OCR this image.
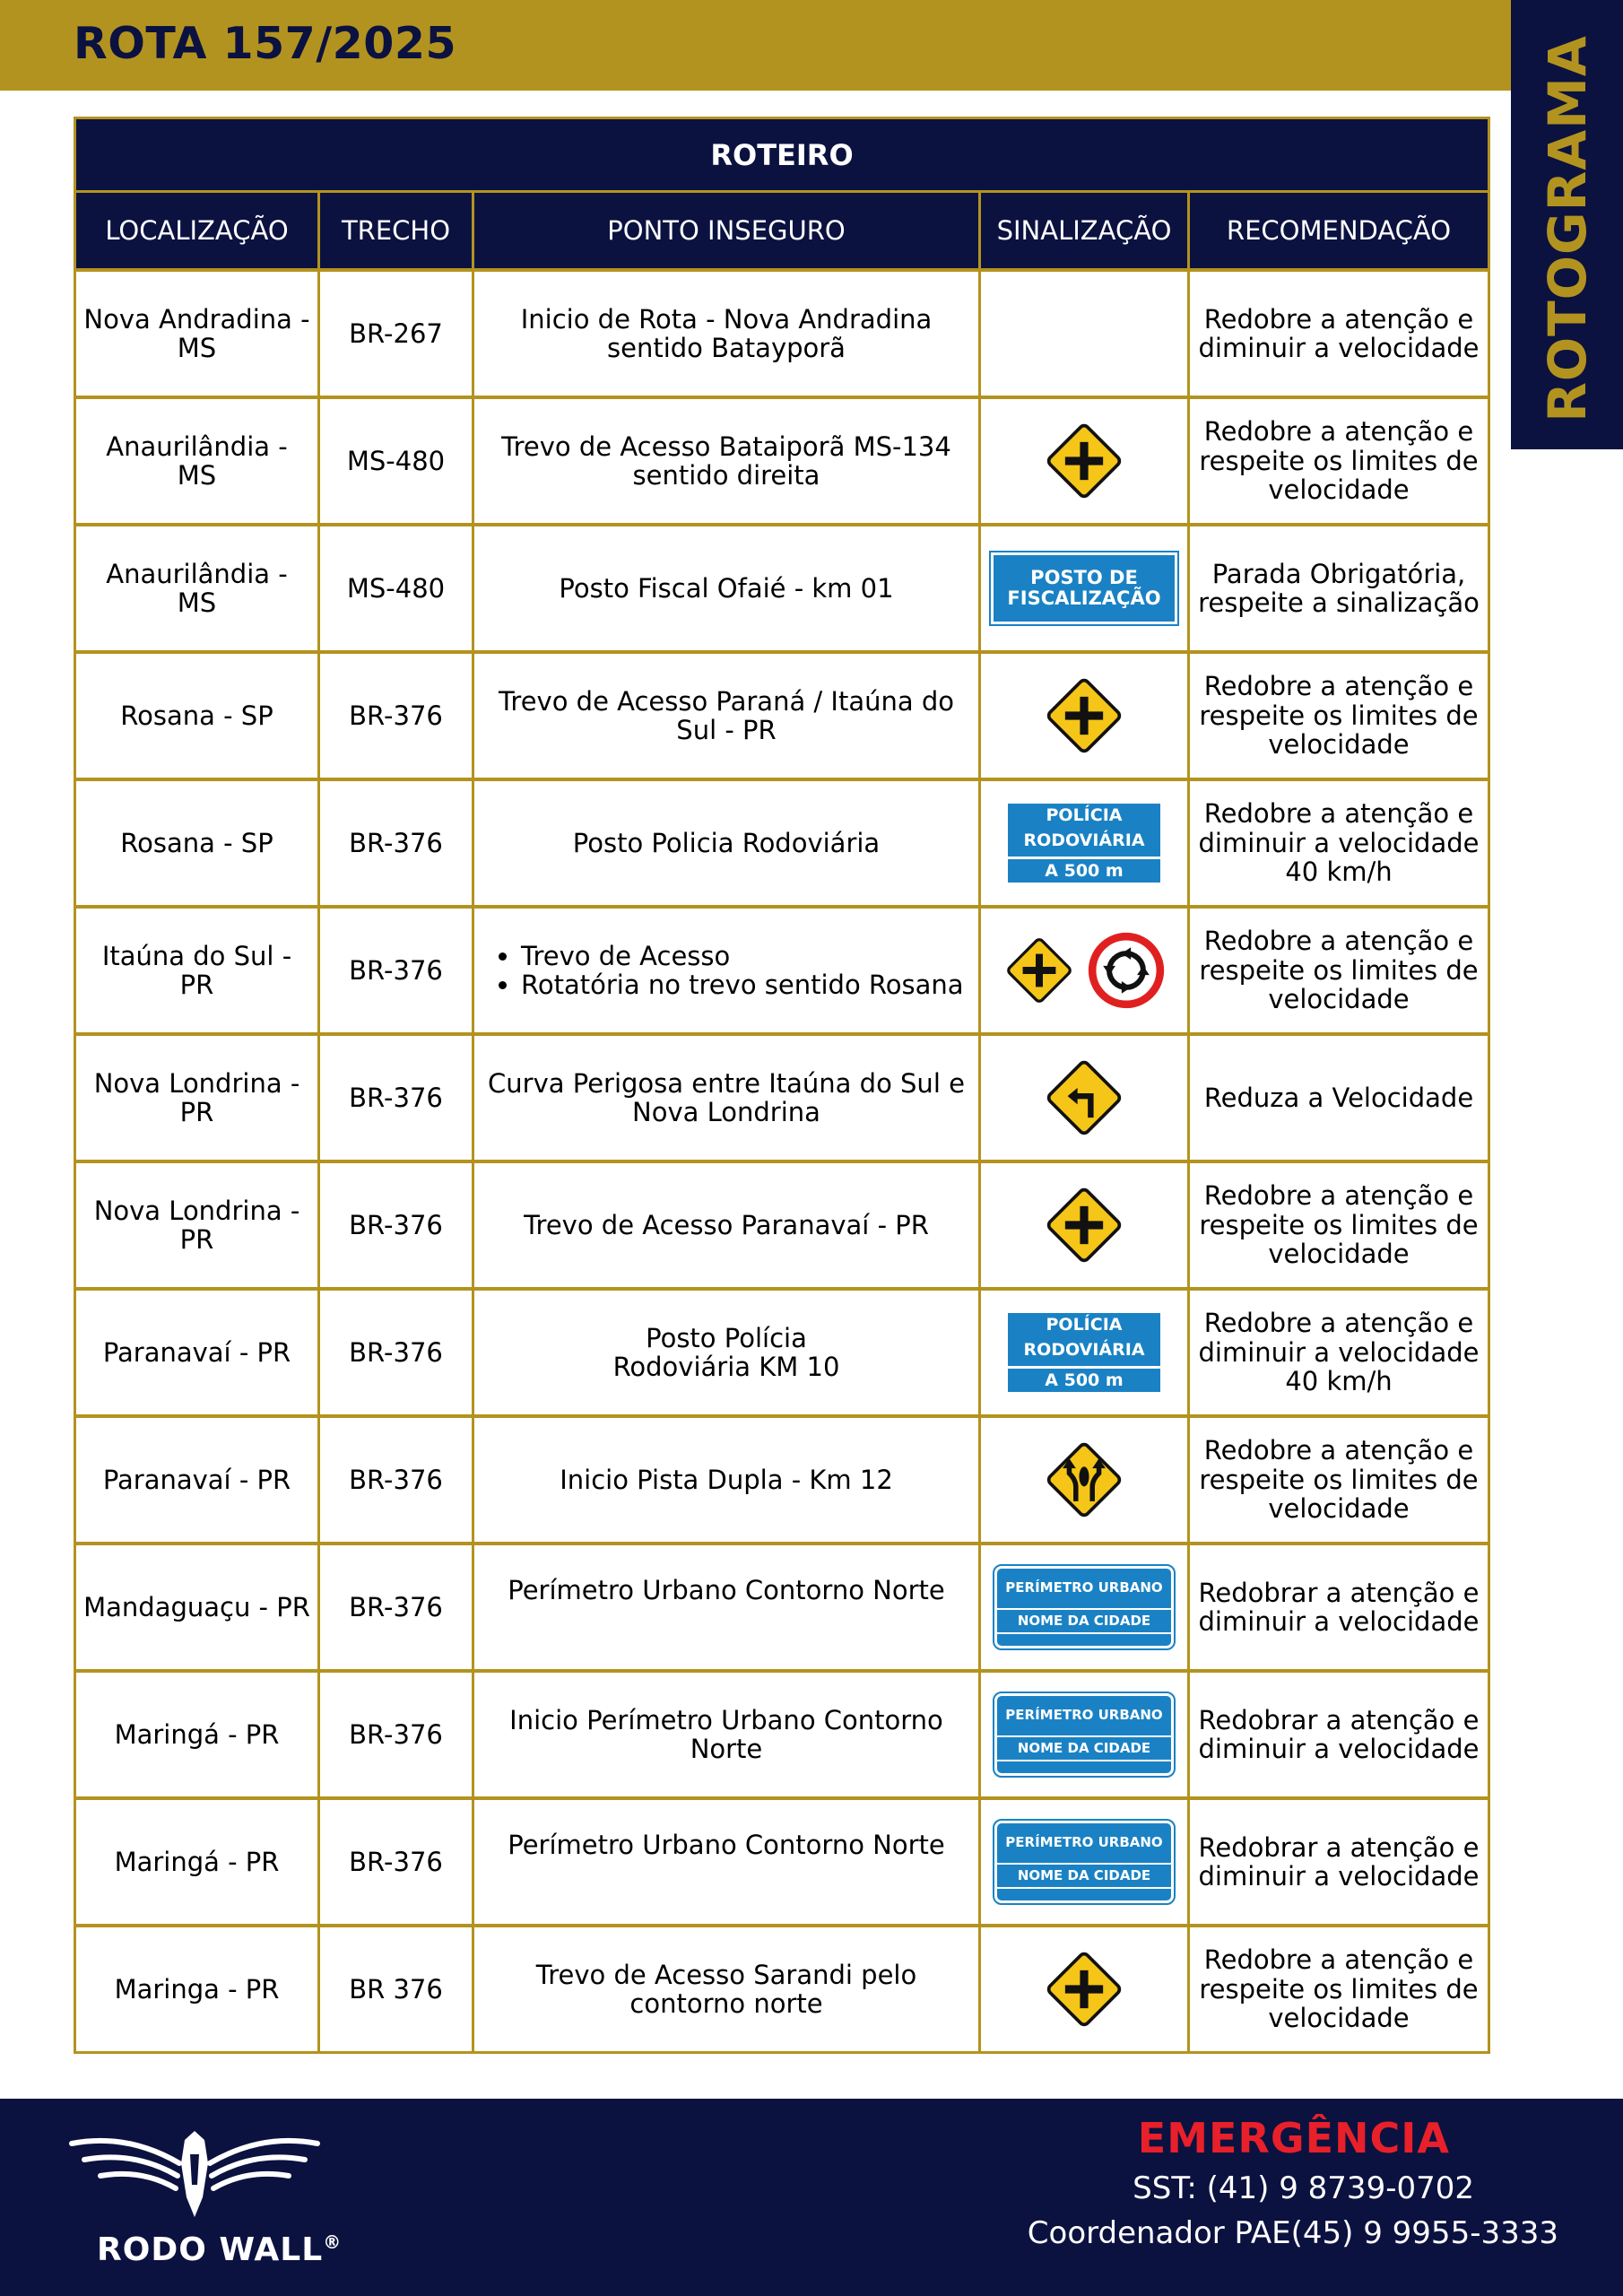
ROTA 157/2025	ROTOGRAMA
ROTEIRO
LOCALIZAÇÃO	TRECHO	PONTO INSEGURO	SINALIZAÇÃO	RECOMENDAÇÃO
Nova Andradina - MS	BR-267	Inicio de Rota - Nova Andradina sentido Batayporã
Redobre a atenção e diminuir a velocidade
Anaurilândia - MS	MS-480	Trevo de Acesso Bataiporã MS-134 sentido direita
Redobre a atenção e respeite os limites de velocidade
Anaurilândia - MS	MS-480	Posto Fiscal Ofaié - km 01	POSTO DE
FISCALIZAÇÃO
Parada Obrigatória, respeite a sinalização
Rosana - SP	BR-376	Trevo de Acesso Paraná / Itaúna do Sul - PR
Redobre a atenção e respeite os limites de velocidade
Rosana - SP	BR-376	Posto Policia Rodoviária
POLÍCIA
RODOVIÁRIA
A 500 m
Redobre a atenção e diminuir a velocidade 40 km/h
Itaúna do Sul - PR	BR-376
•	Trevo de Acesso
• Rotatória no trevo sentido Rosana
Redobre a atenção e respeite os limites de velocidade
Nova Londrina - PR	BR-376	Curva Perigosa entre Itaúna do Sul e Nova Londrina	Reduza a Velocidade
Nova Londrina - PR	BR-376	Trevo de Acesso Paranavaí - PR
Redobre a atenção e respeite os limites de velocidade
Paranavaí - PR	BR-376	Posto Polícia Rodoviária KM 10
POLÍCIA
RODOVIÁRIA
A 500 m
Redobre a atenção e diminuir a velocidade 40 km/h
Paranavaí - PR	BR-376	Inicio Pista Dupla - Km 12
Redobre a atenção e respeite os limites de velocidade
Mandaguaçu - PR	BR-376
Perímetro Urbano Contorno Norte	PERÍMETRO URBANO
NOME DA CIDADE
Redobrar a atenção e diminuir a velocidade
Maringá - PR	BR-376	Inicio Perímetro Urbano Contorno Norte
PERÍMETRO URBANO
NOME DA CIDADE
Redobrar a atenção e diminuir a velocidade
Maringá - PR	BR-376
Perímetro Urbano Contorno Norte	PERÍMETRO URBANO
NOME DA CIDADE
Redobrar a atenção e diminuir a velocidade
Maringa - PR	BR 376	Trevo de Acesso Sarandi pelo contorno norte
Redobre a atenção e respeite os limites de velocidade
RODO WALL®
EMERGÊNCIA
SST: (41) 9 8739-0702
Coordenador PAE(45) 9 9955-3333
